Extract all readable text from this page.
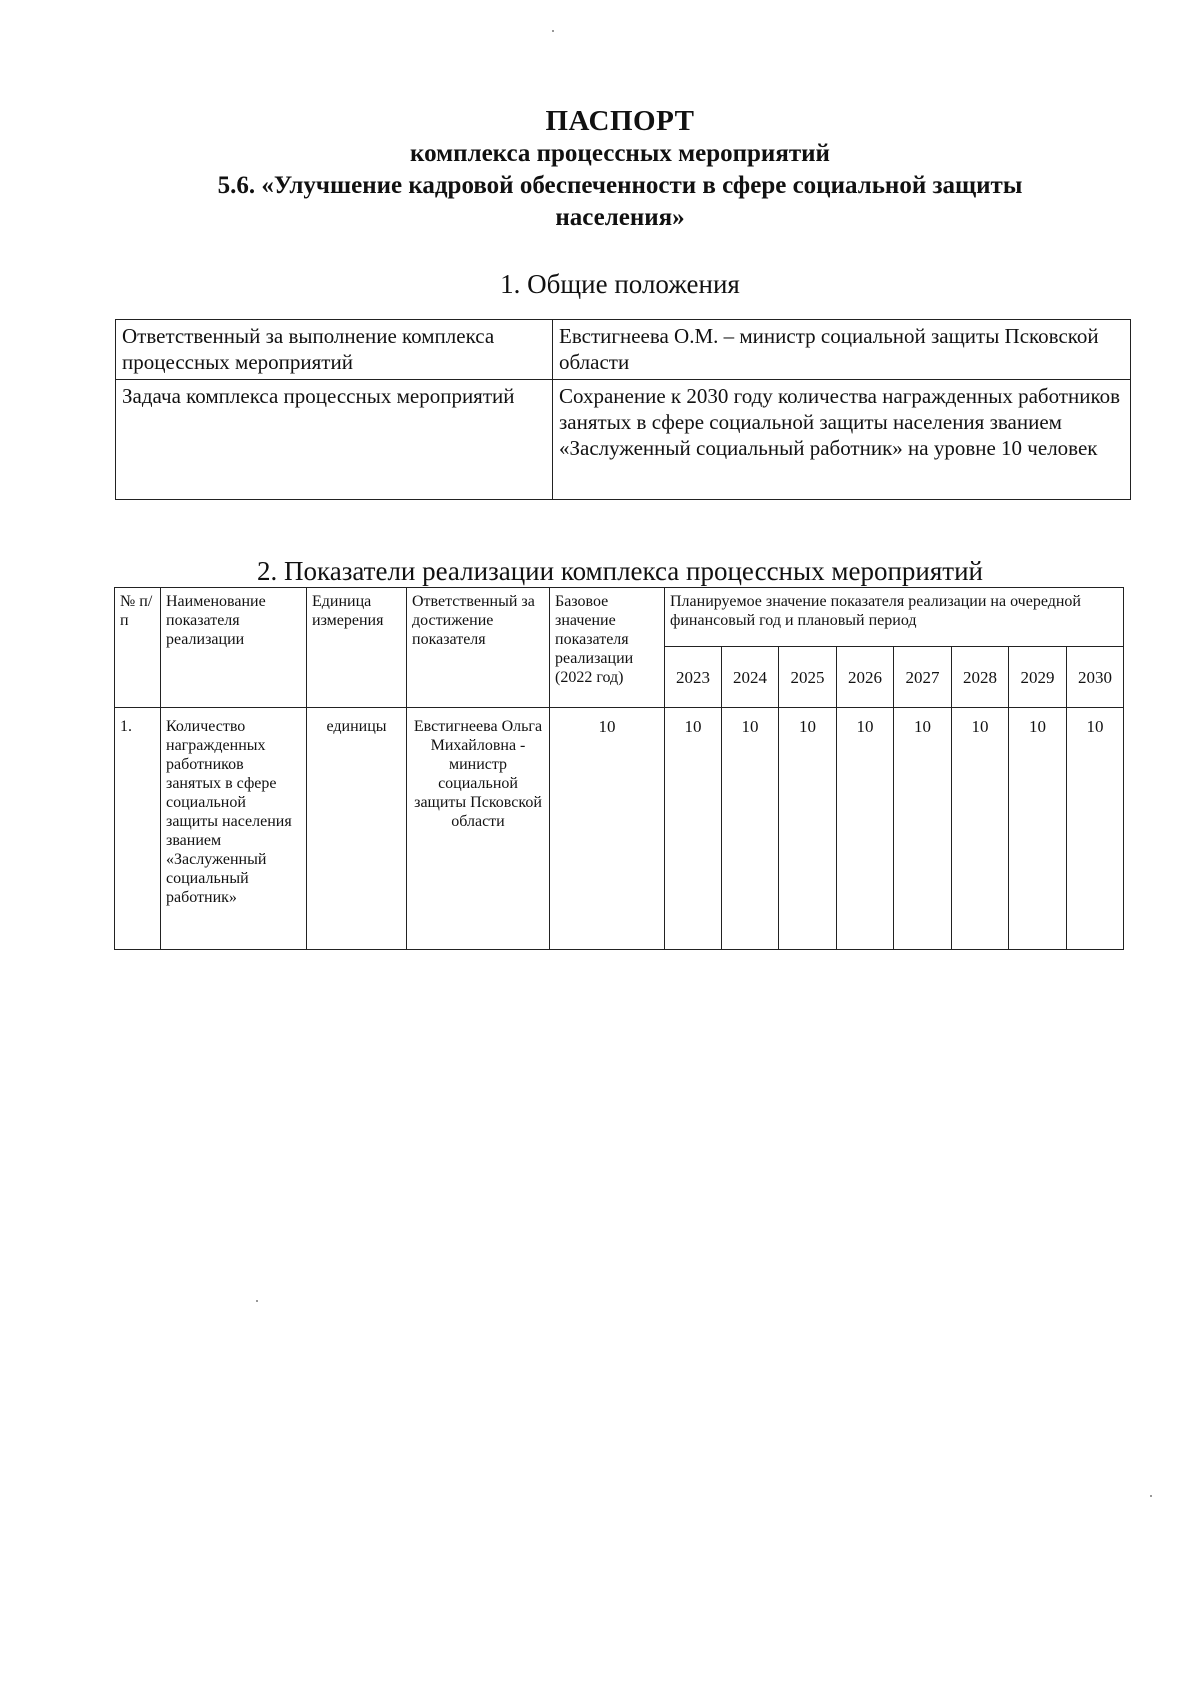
ПАСПОРТ
комплекса процессных мероприятий
5.6. «Улучшение кадровой обеспеченности в сфере социальной защиты
населения»
1. Общие положения
Ответственный за выполнение комплекса процессных мероприятий	Евстигнеева О.М. – министр социальной защиты Псковской области
Задача комплекса процессных мероприятий	Сохранение к 2030 году количества награжденных работников занятых в сфере социальной защиты населения званием «Заслуженный социальный работник» на уровне 10 человек
2. Показатели реализации комплекса процессных мероприятий
№ п/п	Наименование показателя реализации	Единица измерения	Ответственный за достижение показателя	Базовое значение показателя реализации (2022 год)	Планируемое значение показателя реализации на очередной финансовый год и плановый период							
					2023	2024	2025	2026	2027	2028	2029	2030
1.	Количество награжденных работников занятых в сфере социальной защиты населения званием «Заслуженный социальный работник»	единицы	Евстигнеева Ольга Михайловна - министр социальной защиты Псковской области	10	10	10	10	10	10	10	10	10
